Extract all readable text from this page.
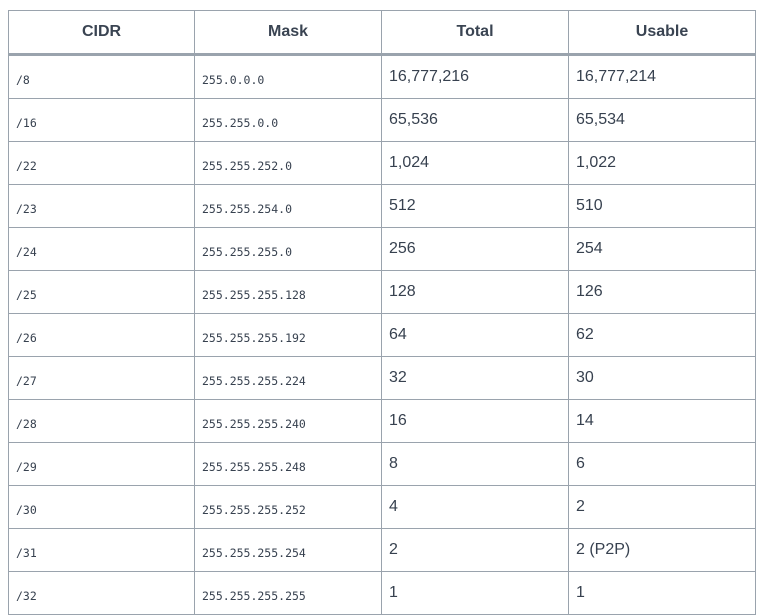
CIDR	Mask	Total	Usable
/8	255.0.0.0	16,777,216	16,777,214
/16	255.255.0.0	65,536	65,534
/22	255.255.252.0	1,024	1,022
/23	255.255.254.0	512	510
/24	255.255.255.0	256	254
/25	255.255.255.128	128	126
/26	255.255.255.192	64	62
/27	255.255.255.224	32	30
/28	255.255.255.240	16	14
/29	255.255.255.248	8	6
/30	255.255.255.252	4	2
/31	255.255.255.254	2	2 (P2P)
/32	255.255.255.255	1	1
